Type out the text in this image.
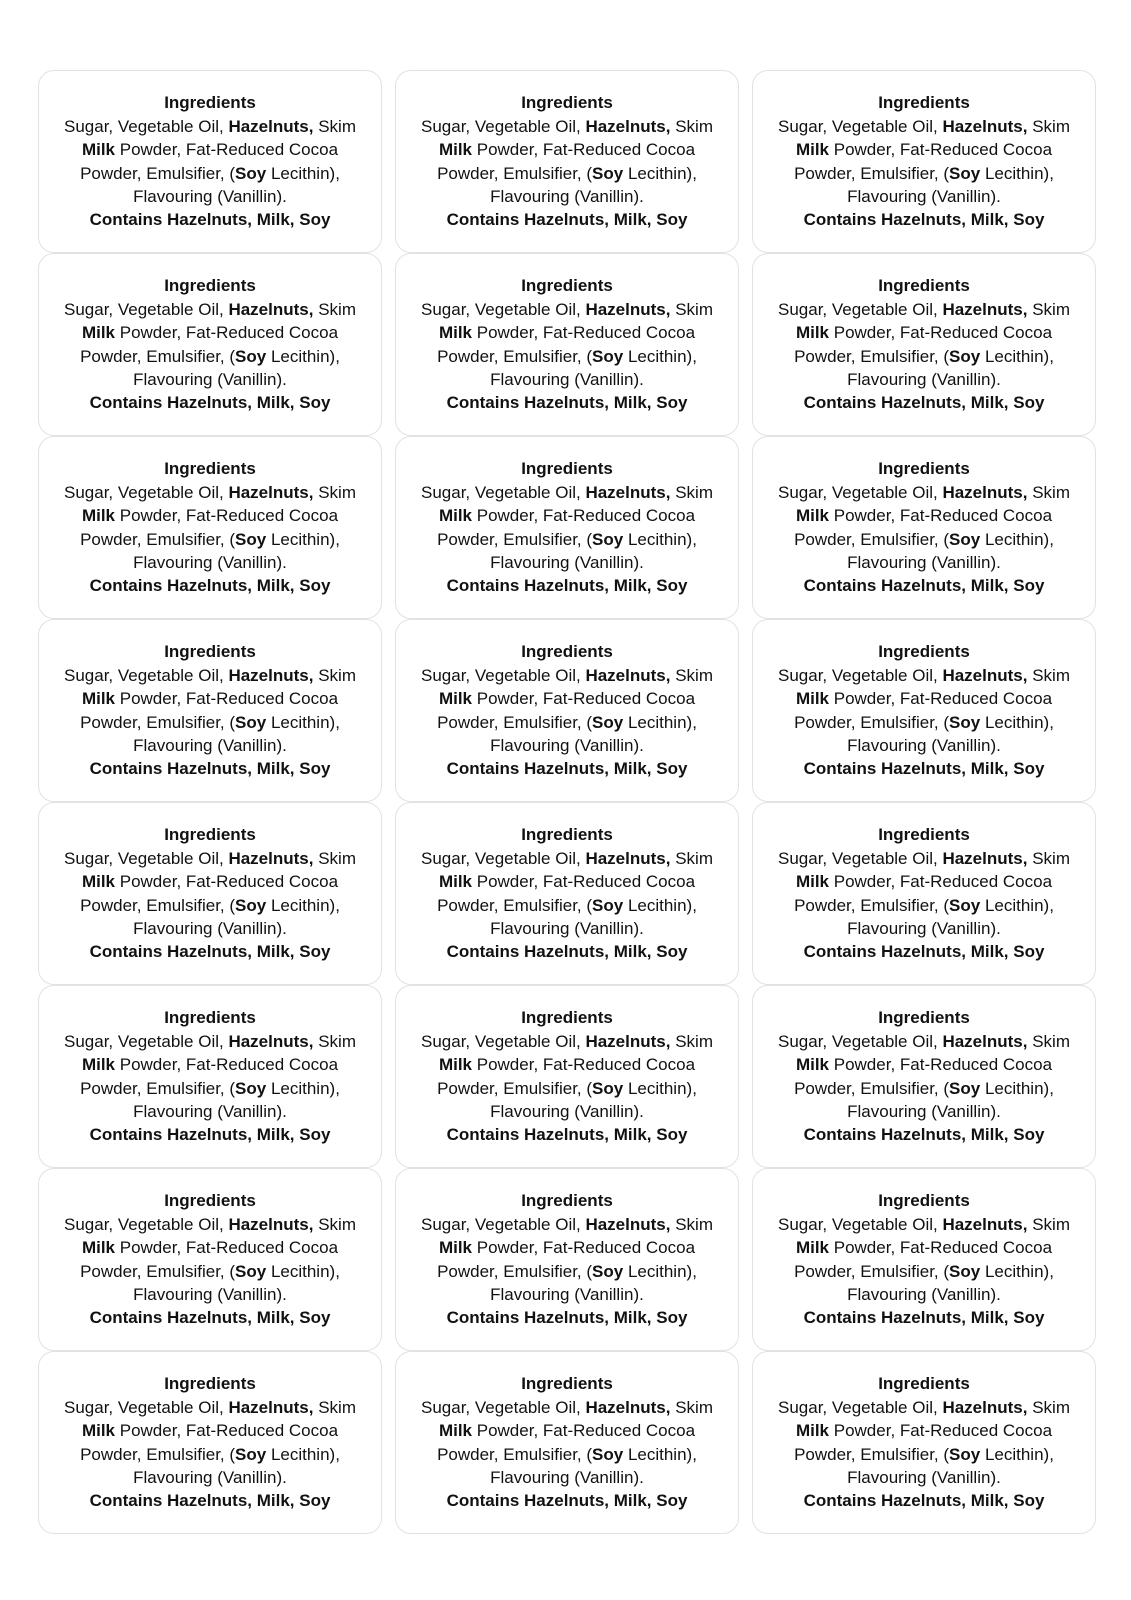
Ingredients
Sugar, Vegetable Oil, Hazelnuts, Skim Milk Powder, Fat-Reduced Cocoa Powder, Emulsifier, (Soy Lecithin), Flavouring (Vanillin).
Contains Hazelnuts, Milk, Soy
Ingredients
Sugar, Vegetable Oil, Hazelnuts, Skim Milk Powder, Fat-Reduced Cocoa Powder, Emulsifier, (Soy Lecithin), Flavouring (Vanillin).
Contains Hazelnuts, Milk, Soy
Ingredients
Sugar, Vegetable Oil, Hazelnuts, Skim Milk Powder, Fat-Reduced Cocoa Powder, Emulsifier, (Soy Lecithin), Flavouring (Vanillin).
Contains Hazelnuts, Milk, Soy
Ingredients
Sugar, Vegetable Oil, Hazelnuts, Skim Milk Powder, Fat-Reduced Cocoa Powder, Emulsifier, (Soy Lecithin), Flavouring (Vanillin).
Contains Hazelnuts, Milk, Soy
Ingredients
Sugar, Vegetable Oil, Hazelnuts, Skim Milk Powder, Fat-Reduced Cocoa Powder, Emulsifier, (Soy Lecithin), Flavouring (Vanillin).
Contains Hazelnuts, Milk, Soy
Ingredients
Sugar, Vegetable Oil, Hazelnuts, Skim Milk Powder, Fat-Reduced Cocoa Powder, Emulsifier, (Soy Lecithin), Flavouring (Vanillin).
Contains Hazelnuts, Milk, Soy
Ingredients
Sugar, Vegetable Oil, Hazelnuts, Skim Milk Powder, Fat-Reduced Cocoa Powder, Emulsifier, (Soy Lecithin), Flavouring (Vanillin).
Contains Hazelnuts, Milk, Soy
Ingredients
Sugar, Vegetable Oil, Hazelnuts, Skim Milk Powder, Fat-Reduced Cocoa Powder, Emulsifier, (Soy Lecithin), Flavouring (Vanillin).
Contains Hazelnuts, Milk, Soy
Ingredients
Sugar, Vegetable Oil, Hazelnuts, Skim Milk Powder, Fat-Reduced Cocoa Powder, Emulsifier, (Soy Lecithin), Flavouring (Vanillin).
Contains Hazelnuts, Milk, Soy
Ingredients
Sugar, Vegetable Oil, Hazelnuts, Skim Milk Powder, Fat-Reduced Cocoa Powder, Emulsifier, (Soy Lecithin), Flavouring (Vanillin).
Contains Hazelnuts, Milk, Soy
Ingredients
Sugar, Vegetable Oil, Hazelnuts, Skim Milk Powder, Fat-Reduced Cocoa Powder, Emulsifier, (Soy Lecithin), Flavouring (Vanillin).
Contains Hazelnuts, Milk, Soy
Ingredients
Sugar, Vegetable Oil, Hazelnuts, Skim Milk Powder, Fat-Reduced Cocoa Powder, Emulsifier, (Soy Lecithin), Flavouring (Vanillin).
Contains Hazelnuts, Milk, Soy
Ingredients
Sugar, Vegetable Oil, Hazelnuts, Skim Milk Powder, Fat-Reduced Cocoa Powder, Emulsifier, (Soy Lecithin), Flavouring (Vanillin).
Contains Hazelnuts, Milk, Soy
Ingredients
Sugar, Vegetable Oil, Hazelnuts, Skim Milk Powder, Fat-Reduced Cocoa Powder, Emulsifier, (Soy Lecithin), Flavouring (Vanillin).
Contains Hazelnuts, Milk, Soy
Ingredients
Sugar, Vegetable Oil, Hazelnuts, Skim Milk Powder, Fat-Reduced Cocoa Powder, Emulsifier, (Soy Lecithin), Flavouring (Vanillin).
Contains Hazelnuts, Milk, Soy
Ingredients
Sugar, Vegetable Oil, Hazelnuts, Skim Milk Powder, Fat-Reduced Cocoa Powder, Emulsifier, (Soy Lecithin), Flavouring (Vanillin).
Contains Hazelnuts, Milk, Soy
Ingredients
Sugar, Vegetable Oil, Hazelnuts, Skim Milk Powder, Fat-Reduced Cocoa Powder, Emulsifier, (Soy Lecithin), Flavouring (Vanillin).
Contains Hazelnuts, Milk, Soy
Ingredients
Sugar, Vegetable Oil, Hazelnuts, Skim Milk Powder, Fat-Reduced Cocoa Powder, Emulsifier, (Soy Lecithin), Flavouring (Vanillin).
Contains Hazelnuts, Milk, Soy
Ingredients
Sugar, Vegetable Oil, Hazelnuts, Skim Milk Powder, Fat-Reduced Cocoa Powder, Emulsifier, (Soy Lecithin), Flavouring (Vanillin).
Contains Hazelnuts, Milk, Soy
Ingredients
Sugar, Vegetable Oil, Hazelnuts, Skim Milk Powder, Fat-Reduced Cocoa Powder, Emulsifier, (Soy Lecithin), Flavouring (Vanillin).
Contains Hazelnuts, Milk, Soy
Ingredients
Sugar, Vegetable Oil, Hazelnuts, Skim Milk Powder, Fat-Reduced Cocoa Powder, Emulsifier, (Soy Lecithin), Flavouring (Vanillin).
Contains Hazelnuts, Milk, Soy
Ingredients
Sugar, Vegetable Oil, Hazelnuts, Skim Milk Powder, Fat-Reduced Cocoa Powder, Emulsifier, (Soy Lecithin), Flavouring (Vanillin).
Contains Hazelnuts, Milk, Soy
Ingredients
Sugar, Vegetable Oil, Hazelnuts, Skim Milk Powder, Fat-Reduced Cocoa Powder, Emulsifier, (Soy Lecithin), Flavouring (Vanillin).
Contains Hazelnuts, Milk, Soy
Ingredients
Sugar, Vegetable Oil, Hazelnuts, Skim Milk Powder, Fat-Reduced Cocoa Powder, Emulsifier, (Soy Lecithin), Flavouring (Vanillin).
Contains Hazelnuts, Milk, Soy
